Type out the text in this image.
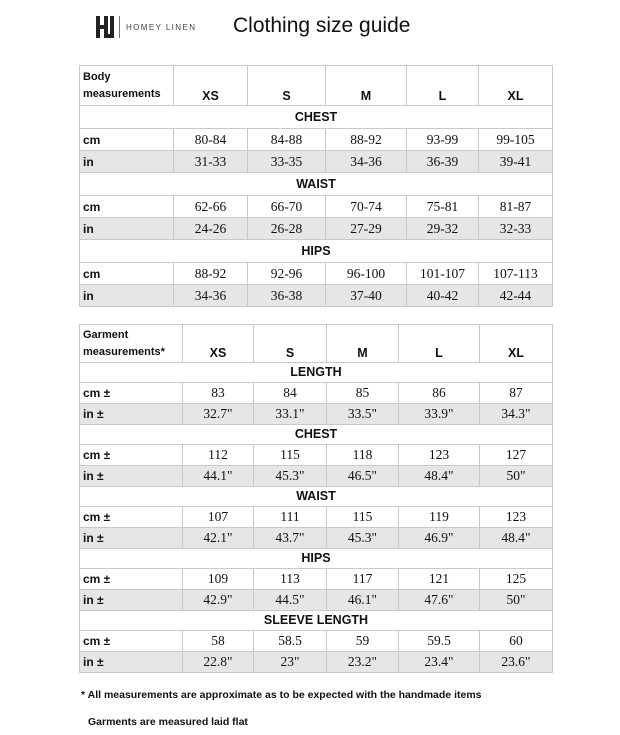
HOMEY LINEN Clothing size guide
Body
measurements	XS	S	M	L	XL
CHEST					
cm	80-84	84-88	88-92	93-99	99-105
in	31-33	33-35	34-36	36-39	39-41
WAIST					
cm	62-66	66-70	70-74	75-81	81-87
in	24-26	26-28	27-29	29-32	32-33
HIPS					
cm	88-92	92-96	96-100	101-107	107-113
in	34-36	36-38	37-40	40-42	42-44
Garment
measurements*	XS	S	M	L	XL
LENGTH					
cm ±	83	84	85	86	87
in ±	32.7"	33.1"	33.5"	33.9"	34.3"
CHEST					
cm ±	112	115	118	123	127
in ±	44.1"	45.3"	46.5"	48.4"	50"
WAIST					
cm ±	107	111	115	119	123
in ±	42.1"	43.7"	45.3"	46.9"	48.4"
HIPS					
cm ±	109	113	117	121	125
in ±	42.9"	44.5"	46.1"	47.6"	50"
SLEEVE LENGTH					
cm ±	58	58.5	59	59.5	60
in ±	22.8"	23"	23.2"	23.4"	23.6"
* All measurements are approximate as to be expected with the handmade items
Garments are measured laid flat
